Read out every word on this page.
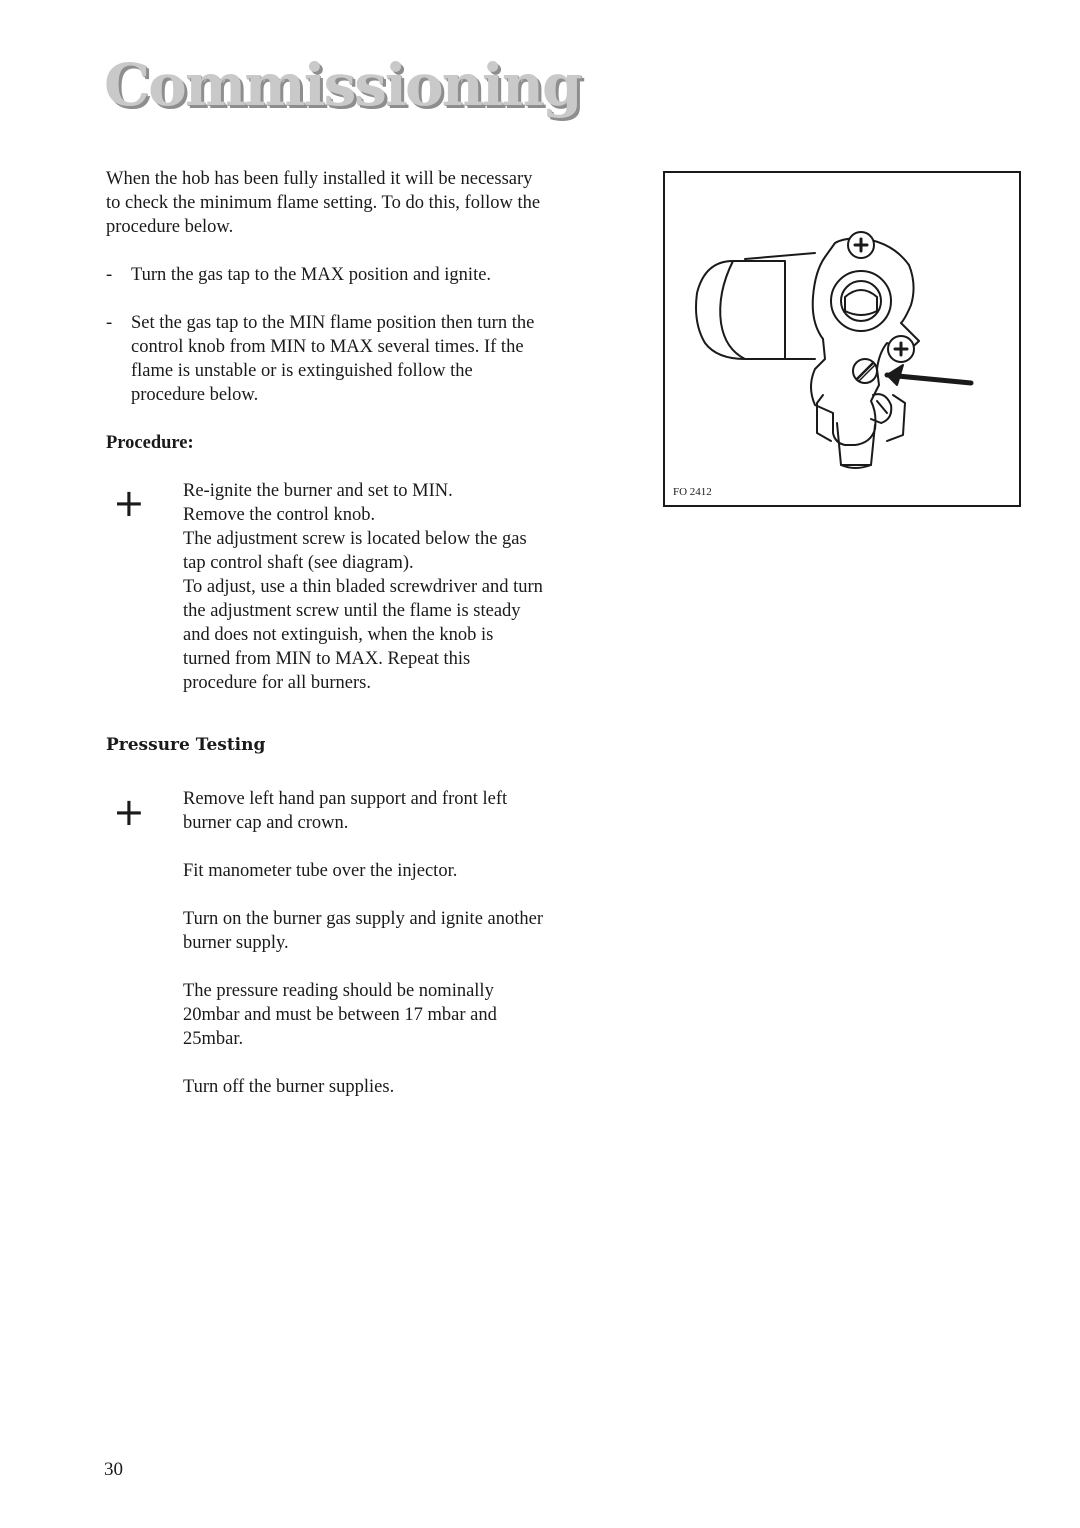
Commissioning
When the hob has been fully installed it will be necessary to check the minimum flame setting. To do this, follow the procedure below.
- Turn the gas tap to the MAX position and ignite.
- Set the gas tap to the MIN flame position then turn the control knob from MIN to MAX several times. If the flame is unstable or is extinguished follow the procedure below.
Procedure:
+ Re-ignite the burner and set to MIN.

Remove the control knob.

The adjustment screw is located below the gas tap control shaft (see diagram).

To adjust, use a thin bladed screwdriver and turn the adjustment screw until the flame is steady and does not extinguish, when the knob is turned from MIN to MAX. Repeat this procedure for all burners.

Pressure Testing
+ Remove left hand pan support and front left burner cap and crown.

Fit manometer tube over the injector.

Turn on the burner gas supply and ignite another burner supply.

The pressure reading should be nominally 20mbar and must be between 17 mbar and 25mbar.

Turn off the burner supplies.

FO 2412
30
